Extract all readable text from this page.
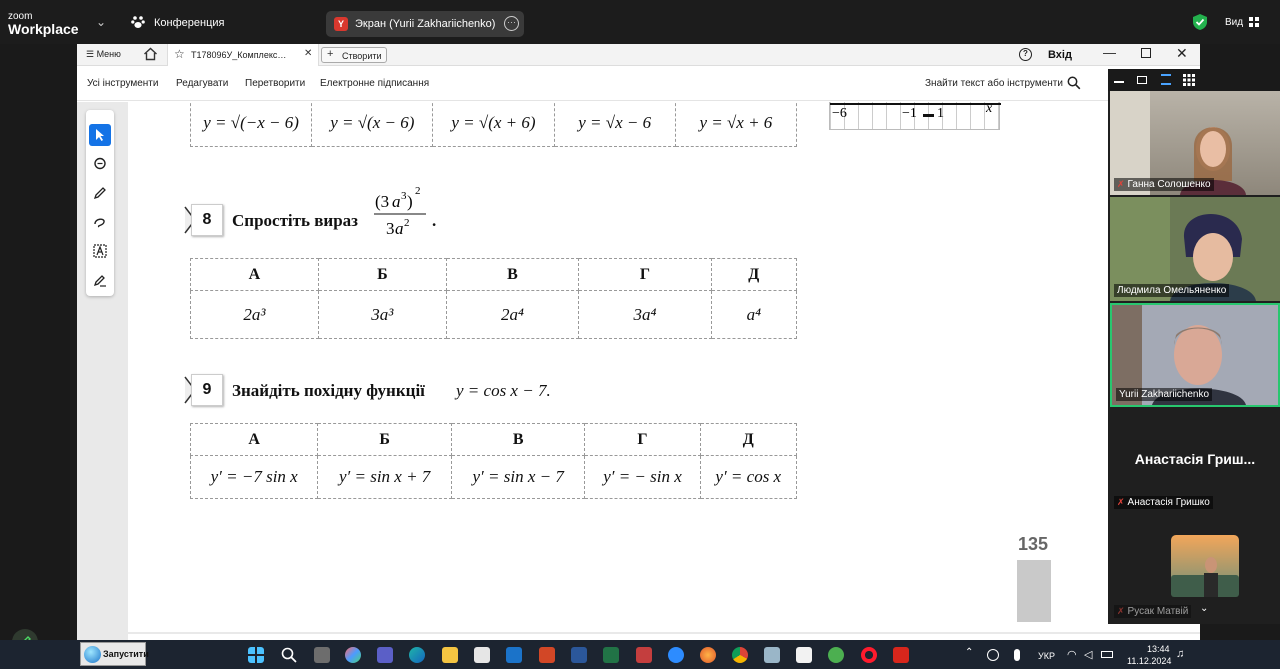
zoom
Workplace ⌄	Конференция	Y	Экран (Yurii Zakhariichenko)	···	Вид
☰ Меню	☆ Т178096У_Комплекс… ✕ + Створити	?	Вхід —	✕
Усі інструменти Редагувати Перетворити Електронне підписання	Знайти текст або інструменти
y = √(−x − 6)	y = √(x − 6)	y = √(x + 6)	y = √x − 6	y = √x + 6	−6	−1 1	x
8	Спростіть вираз
(3 a 3 )
2
3 a 2 .
А	Б	В	Г	Д
2a³	3a³	2a⁴	3a⁴	a⁴
9	Знайдіть похідну функції y = cos x − 7.
А	Б	В	Г	Д
y′ = −7 sin x	y′ = sin x + 7	y′ = sin x − 7	y′ = − sin x	y′ = cos x
135
✗ Ганна Солошенко
Людмила Омельяненко
Yurii Zakhariichenko
Анастасія Гриш...
✗ Анастасія Гришко
✗ Русак Матвій	⌄
Запустити	⌃	УКР ◠ ◁	13:44
11.12.2024
♫
